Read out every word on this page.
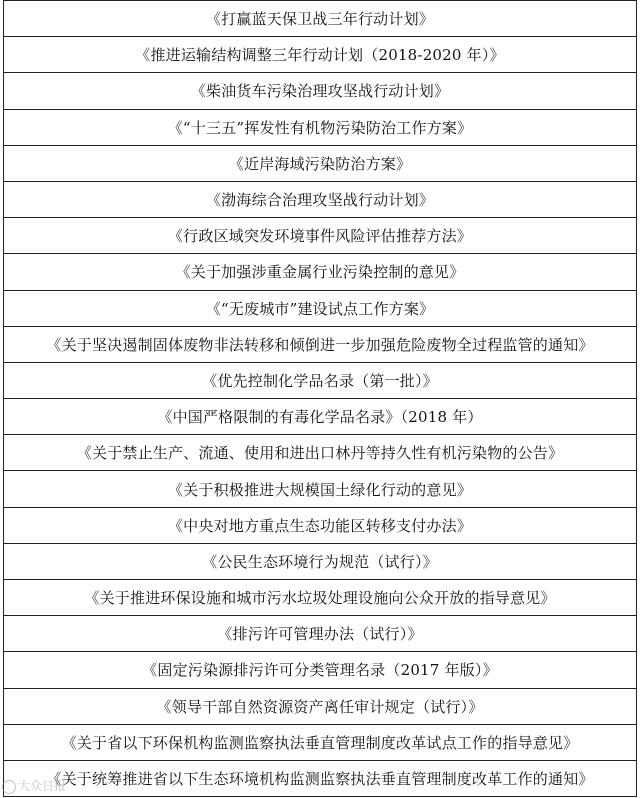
《打赢蓝天保卫战三年行动计划》
《推进运输结构调整三年行动计划（2018-2020 年）》
《柴油货车污染治理攻坚战行动计划》
《“十三五”挥发性有机物污染防治工作方案》
《近岸海域污染防治方案》
《渤海综合治理攻坚战行动计划》
《行政区域突发环境事件风险评估推荐方法》
《关于加强涉重金属行业污染控制的意见》
《“无废城市”建设试点工作方案》
《关于坚决遏制固体废物非法转移和倾倒进一步加强危险废物全过程监管的通知》
《优先控制化学品名录（第一批）》
《中国严格限制的有毒化学品名录》（2018 年）
《关于禁止生产、流通、使用和进出口林丹等持久性有机污染物的公告》
《关于积极推进大规模国土绿化行动的意见》
《中央对地方重点生态功能区转移支付办法》
《公民生态环境行为规范（试行）》
《关于推进环保设施和城市污水垃圾处理设施向公众开放的指导意见》
《排污许可管理办法（试行）》
《固定污染源排污许可分类管理名录（2017 年版）》
《领导干部自然资源资产离任审计规定（试行）》
《关于省以下环保机构监测监察执法垂直管理制度改革试点工作的指导意见》
《关于统筹推进省以下生态环境机构监测监察执法垂直管理制度改革工作的通知》
大众日报
